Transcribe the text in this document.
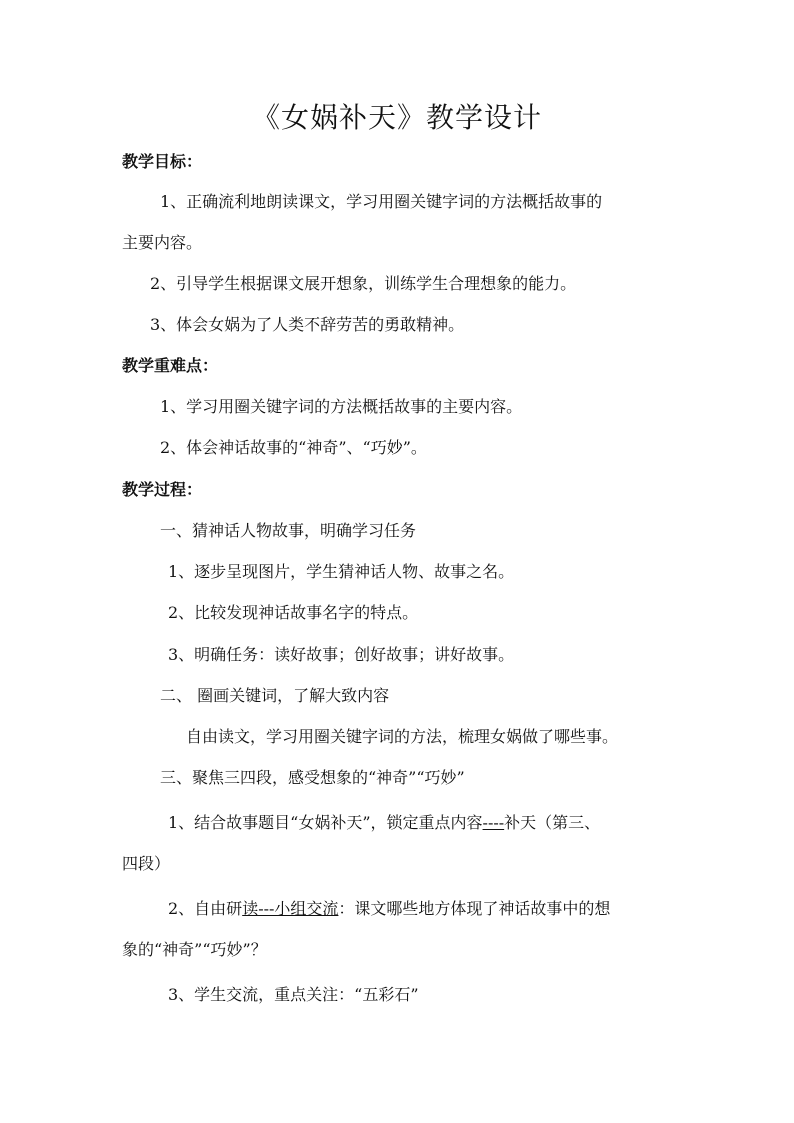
《女娲补天》教学设计
教学目标：
1、正确流利地朗读课文，学习用圈关键字词的方法概括故事的
主要内容。
2、引导学生根据课文展开想象，训练学生合理想象的能力。
3、体会女娲为了人类不辞劳苦的勇敢精神。
教学重难点：
1、学习用圈关键字词的方法概括故事的主要内容。
2、体会神话故事的“神奇”、“巧妙”。
教学过程：
一、猜神话人物故事，明确学习任务
1、逐步呈现图片，学生猜神话人物、故事之名。
2、比较发现神话故事名字的特点。
3、明确任务：读好故事；创好故事；讲好故事。
二、 圈画关键词，了解大致内容
自由读文，学习用圈关键字词的方法，梳理女娲做了哪些事。
三、聚焦三四段，感受想象的“神奇”“巧妙”
1、结合故事题目“女娲补天”，锁定重点内容----补天（第三、
四段）
2、自由研读---小组交流：课文哪些地方体现了神话故事中的想
象的“神奇”“巧妙”？
3、学生交流，重点关注：“五彩石”
